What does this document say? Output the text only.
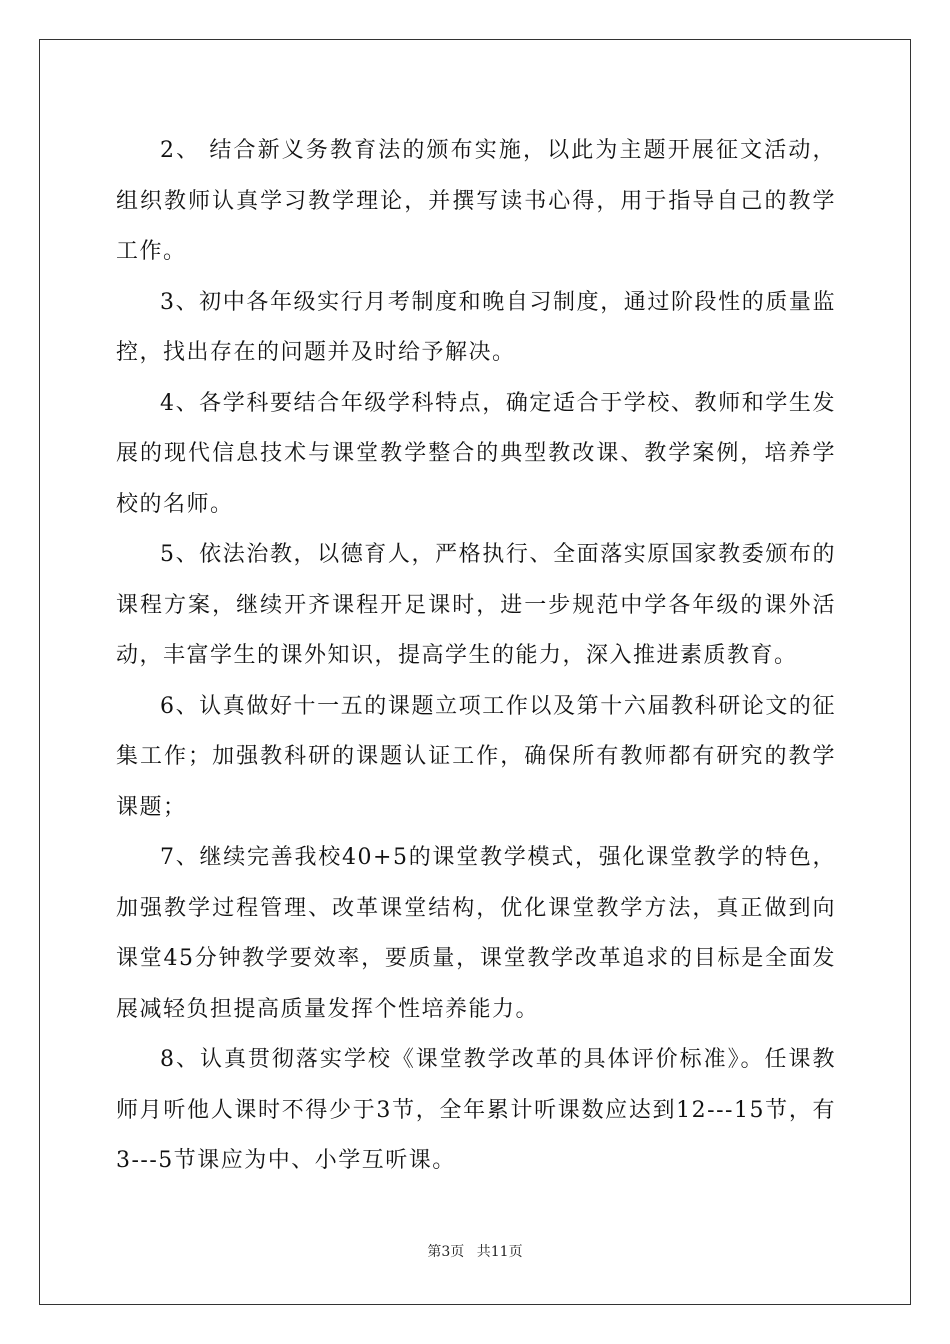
2、 结合新义务教育法的颁布实施，以此为主题开展征文活动，组织教师认真学习教学理论，并撰写读书心得，用于指导自己的教学工作。

3、初中各年级实行月考制度和晚自习制度，通过阶段性的质量监控，找出存在的问题并及时给予解决。

4、各学科要结合年级学科特点，确定适合于学校、教师和学生发展的现代信息技术与课堂教学整合的典型教改课、教学案例，培养学校的名师。

5、依法治教，以德育人，严格执行、全面落实原国家教委颁布的课程方案，继续开齐课程开足课时，进一步规范中学各年级的课外活动，丰富学生的课外知识，提高学生的能力，深入推进素质教育。

6、认真做好十一五的课题立项工作以及第十六届教科研论文的征集工作；加强教科研的课题认证工作，确保所有教师都有研究的教学课题；

7、继续完善我校40+5的课堂教学模式，强化课堂教学的特色，加强教学过程管理、改革课堂结构，优化课堂教学方法，真正做到向课堂45分钟教学要效率，要质量，课堂教学改革追求的目标是全面发展减轻负担提高质量发挥个性培养能力。

8、认真贯彻落实学校《课堂教学改革的具体评价标准》。任课教师月听他人课时不得少于3节，全年累计听课数应达到12---15节，有3---5节课应为中、小学互听课。

第3页 共11页
